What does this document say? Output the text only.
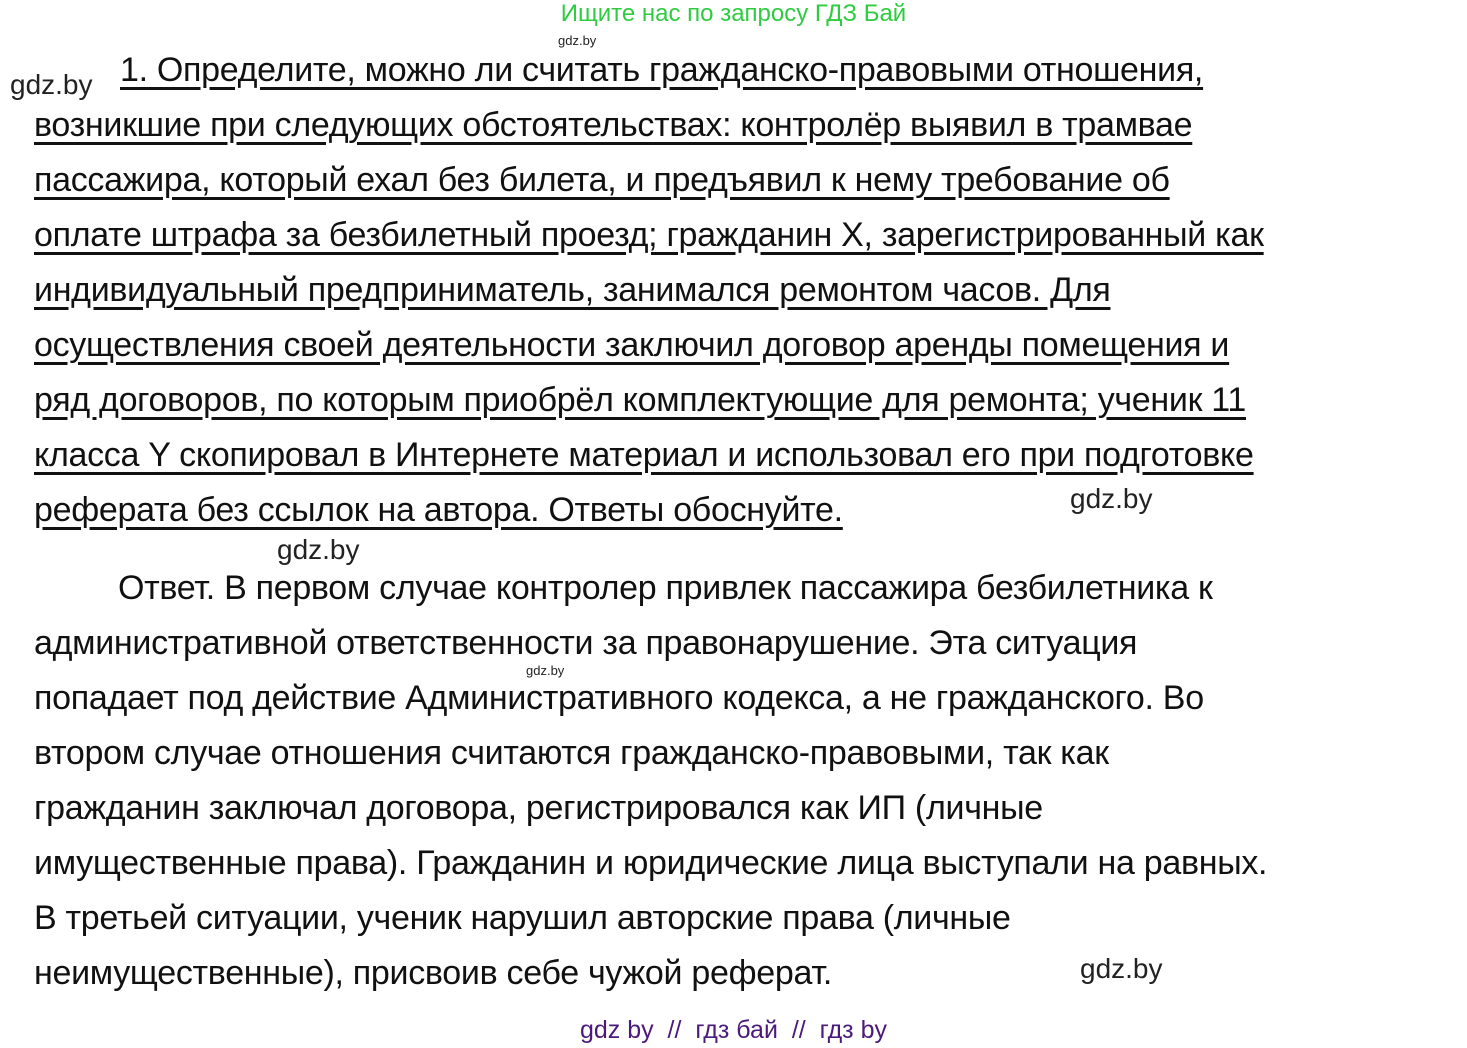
Ищите нас по запросу ГДЗ Бай
gdz.by
gdz.by
gdz.by
gdz.by
gdz.by
gdz.by
1. Определите, можно ли считать гражданско-правовыми отношения,
возникшие при следующих обстоятельствах: контролёр выявил в трамвае
пассажира, который ехал без билета, и предъявил к нему требование об
оплате штрафа за безбилетный проезд; гражданин X, зарегистрированный как
индивидуальный предприниматель, занимался ремонтом часов. Для
осуществления своей деятельности заключил договор аренды помещения и
ряд договоров, по которым приобрёл комплектующие для ремонта; ученик 11
класса Y скопировал в Интернете материал и использовал его при подготовке
реферата без ссылок на автора. Ответы обоснуйте.
Ответ. В первом случае контролер привлек пассажира безбилетника к
административной ответственности за правонарушение. Эта ситуация
попадает под действие Административного кодекса, а не гражданского. Во
втором случае отношения считаются гражданско-правовыми, так как
гражданин заключал договора, регистрировался как ИП (личные
имущественные права). Гражданин и юридические лица выступали на равных.
В третьей ситуации, ученик нарушил авторские права (личные
неимущественные), присвоив себе чужой реферат.
gdz by  //  гдз бай  //  гдз by
